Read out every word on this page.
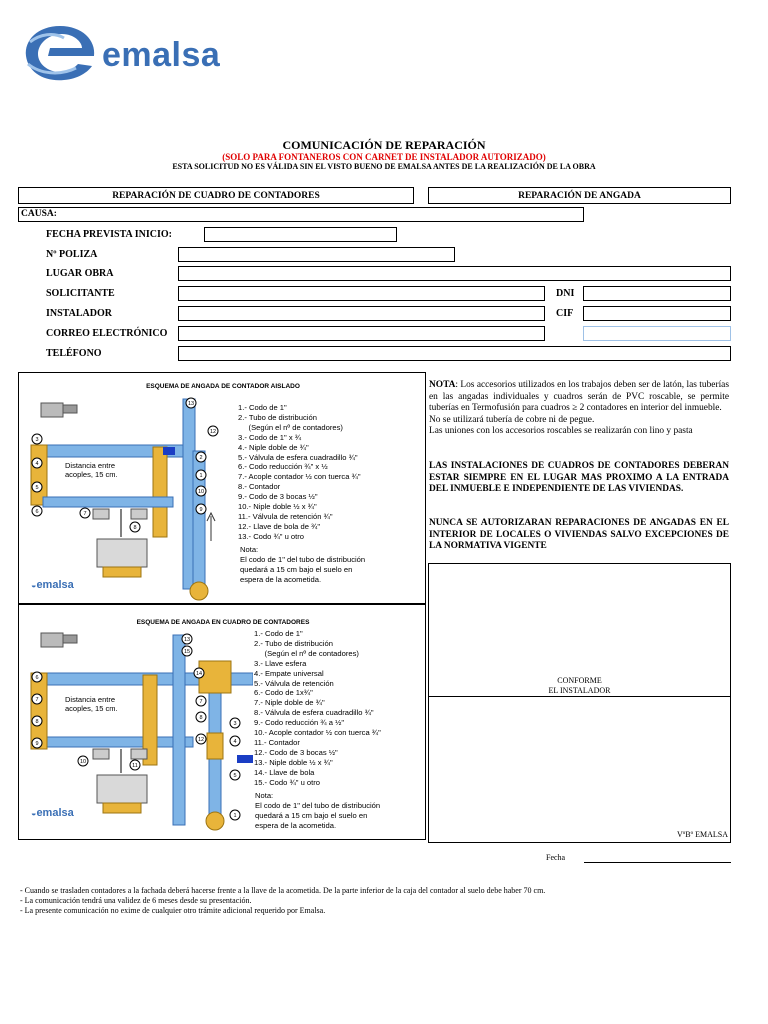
emalsa
COMUNICACIÓN DE REPARACIÓN
(SOLO PARA FONTANEROS CON CARNET DE INSTALADOR AUTORIZADO)
ESTA SOLICITUD NO ES VÁLIDA SIN EL VISTO BUENO DE EMALSA ANTES DE LA REALIZACIÓN DE LA OBRA
REPARACIÓN DE CUADRO DE CONTADORES	REPARACIÓN DE ANGADA
CAUSA:
FECHA PREVISTA INICIO:
Nº POLIZA
LUGAR OBRA
SOLICITANTE	DNI
INSTALADOR	CIF
CORREO ELECTRÓNICO
TELÉFONO
ESQUEMA DE ANGADA DE CONTADOR AISLADO
13
12
3
4
5
6
2
1
10
9
7
8
Distancia entre acoples, 15 cm.
1.- Codo de 1"
2.- Tubo de distribución
(Según el nº de contadores)
3.- Codo de 1" x ¾
4.- Niple doble de ¾"
5.- Válvula de esfera cuadradillo ¾"
6.- Codo reducción ¾" x ½
7.- Acople contador ½ con tuerca ¾"
8.- Contador
9.- Codo de 3 bocas ½"
10.- Niple doble ½ x ¾"
11.- Válvula de retención ¾"
12.- Llave de bola de ¾"
13.- Codo ¾" u otro
Nota:
El codo de 1" del tubo de distribución
quedará a 15 cm bajo el suelo en
espera de la acometida.
◒emalsa
ESQUEMA DE ANGADA EN CUADRO DE CONTADORES
13
15
14
6
7
8
9
7
8
3
4
12
10
11
5
1
Distancia entre acoples, 15 cm.
1.- Codo de 1"
2.- Tubo de distribución
(Según el nº de contadores)
3.- Llave esfera
4.- Empate universal
5.- Válvula de retención
6.- Codo de 1x¾"
7.- Niple doble de ¾"
8.- Válvula de esfera cuadradillo ¾"
9.- Codo reducción ¾ a ½"
10.- Acople contador ½ con tuerca ¾"
11.- Contador
12.- Codo de 3 bocas ½"
13.- Niple doble ½ x ¾"
14.- Llave de bola
15.- Codo ¾" u otro
Nota:
El codo de 1" del tubo de distribución
quedará a 15 cm bajo el suelo en
espera de la acometida.
◒emalsa
NOTA: Los accesorios utilizados en los trabajos deben ser de latón, las tuberías en las angadas individuales y cuadros serán de PVC roscable, se permite tuberías en Termofusión para cuadros ≥ 2 contadores en interior del inmueble.
No se utilizará tubería de cobre ni de pegue.
Las uniones con los accesorios roscables se realizarán con lino y pasta
LAS INSTALACIONES DE CUADROS DE CONTADORES DEBERAN ESTAR SIEMPRE EN EL LUGAR MAS PROXIMO A LA ENTRADA DEL INMUEBLE E INDEPENDIENTE DE LAS VIVIENDAS.
NUNCA SE AUTORIZARAN REPARACIONES DE ANGADAS EN EL INTERIOR DE LOCALES O VIVIENDAS SALVO EXCEPCIONES DE LA NORMATIVA VIGENTE
CONFORME
EL INSTALADOR
VºBº EMALSA
Fecha
- Cuando se trasladen contadores a la fachada deberá hacerse frente a la llave de la acometida. De la parte inferior de la caja del contador al suelo debe haber 70 cm.
- La comunicación tendrá una validez de 6 meses desde su presentación.
- La presente comunicación no exime de cualquier otro trámite adicional requerido por Emalsa.
